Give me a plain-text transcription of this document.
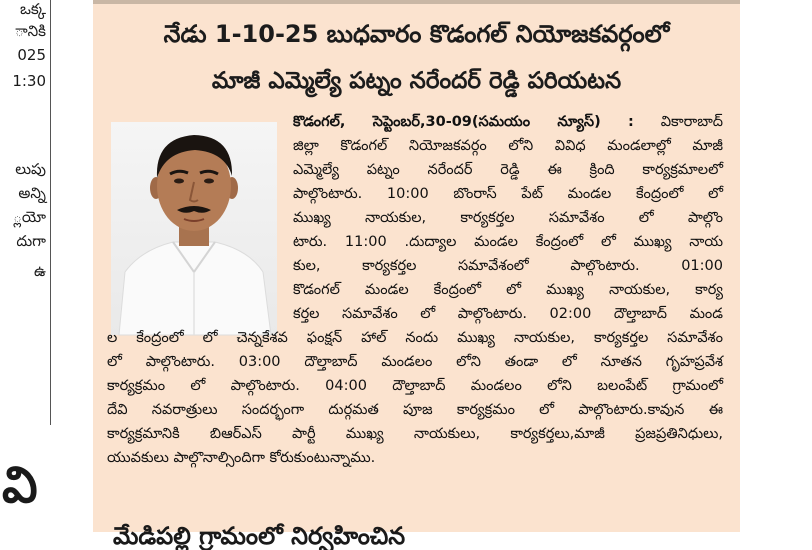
ఒక్క
ానికి
025
1:30
లుపు
అన్ని
్లయో
దుగా
ఉ
వి
నేడు 1-10-25 బుధవారం కొడంగల్ నియోజకవర్గంలో
మాజీ ఎమ్మెల్యే పట్నం నరేందర్ రెడ్డి పరియటన
కొడంగల్, సెప్టెంబర్,30-09(సమయం న్యూస్) : వికారాబాద్
జిల్లా కొడంగల్ నియోజకవర్గం లోని వివిధ మండలాల్లో మాజీ
ఎమ్మెల్యే పట్నం నరేందర్ రెడ్డి ఈ క్రింది కార్యక్రమాలలో
పాల్గొంటారు. 10:00 బొంరాస్ పేట్ మండల కేంద్రంలో లో
ముఖ్య నాయకుల, కార్యకర్తల సమావేశం లో పాల్గొం
టారు. 11:00 .దుద్యాల మండల కేంద్రంలో లో ముఖ్య నాయ
కుల, కార్యకర్తల సమావేశంలో పాల్గొంటారు. 01:00
కొడంగల్ మండల కేంద్రంలో లో ముఖ్య నాయకుల, కార్య
కర్తల సమావేశం లో పాల్గొంటారు. 02:00 దౌల్తాబాద్ మండ
ల కేంద్రంలో లో చెన్నకేశవ ఫంక్షన్ హాల్ నందు ముఖ్య నాయకుల, కార్యకర్తల సమావేశం
లో పాల్గొంటారు. 03:00 దౌల్తాబాద్ మండలం లోని తండా లో నూతన గృహప్రవేశ
కార్యక్రమం లో పాల్గొంటారు. 04:00 దౌల్తాబాద్ మండలం లోని బలంపేట్ గ్రామంలో
దేవి నవరాత్రులు సందర్భంగా దుర్గమత పూజ కార్యక్రమం లో పాల్గొంటారు.కావున ఈ
కార్యక్రమానికి బిఆర్ఎస్ పార్టీ ముఖ్య నాయకులు, కార్యకర్తలు,మాజీ ప్రజప్రతినిధులు,
యువకులు పాల్గొనాల్సిందిగా కోరుకుంటున్నాము.
మేడిపల్లి గ్రామంలో నిర్వహించిన
